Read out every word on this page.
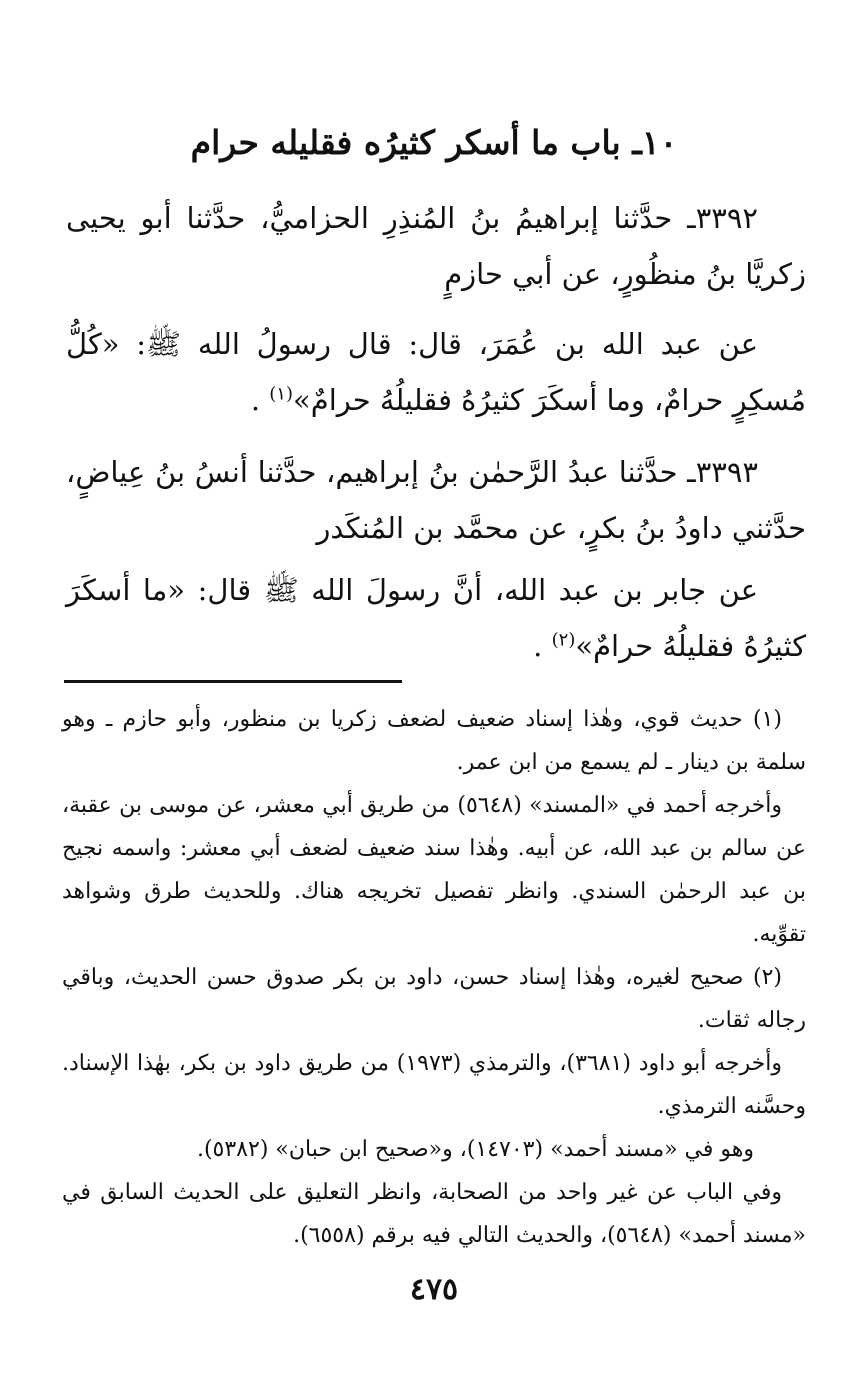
١٠ـ باب ما أسكر كثيرُه فقليله حرام
٣٣٩٢ـ حدَّثنا إبراهيمُ بنُ المُنذِرِ الحزاميُّ، حدَّثنا أبو يحيى زكريَّا بنُ منظُورٍ، عن أبي حازمٍ
عن عبد الله بن عُمَرَ، قال: قال رسولُ الله ﷺ: «كُلُّ مُسكِرٍ حرامٌ، وما أسكَرَ كثيرُهُ فقليلُهُ حرامٌ»$^{(١)}$ .
٣٣٩٣ـ حدَّثنا عبدُ الرَّحمٰن بنُ إبراهيم، حدَّثنا أنسُ بنُ عِياضٍ، حدَّثني داودُ بنُ بكرٍ، عن محمَّد بن المُنكَدر
عن جابر بن عبد الله، أنَّ رسولَ الله ﷺ قال: «ما أسكَرَ كثيرُهُ فقليلُهُ حرامٌ»$^{(٢)}$ .
(١) حديث قوي، وهٰذا إسناد ضعيف لضعف زكريا بن منظور، وأبو حازم ـ وهو سلمة بن دينار ـ لم يسمع من ابن عمر.
وأخرجه أحمد في «المسند» (٥٦٤٨) من طريق أبي معشر، عن موسى بن عقبة، عن سالم بن عبد الله، عن أبيه. وهٰذا سند ضعيف لضعف أبي معشر: واسمه نجيح بن عبد الرحمٰن السندي. وانظر تفصيل تخريجه هناك. وللحديث طرق وشواهد تقوِّيه.
(٢) صحيح لغيره، وهٰذا إسناد حسن، داود بن بكر صدوق حسن الحديث، وباقي رجاله ثقات.
وأخرجه أبو داود (٣٦٨١)، والترمذي (١٩٧٣) من طريق داود بن بكر، بهٰذا الإسناد. وحسَّنه الترمذي.
وهو في «مسند أحمد» (١٤٧٠٣)، و«صحيح ابن حبان» (٥٣٨٢).
وفي الباب عن غير واحد من الصحابة، وانظر التعليق على الحديث السابق في «مسند أحمد» (٥٦٤٨)، والحديث التالي فيه برقم (٦٥٥٨).
٤٧٥
